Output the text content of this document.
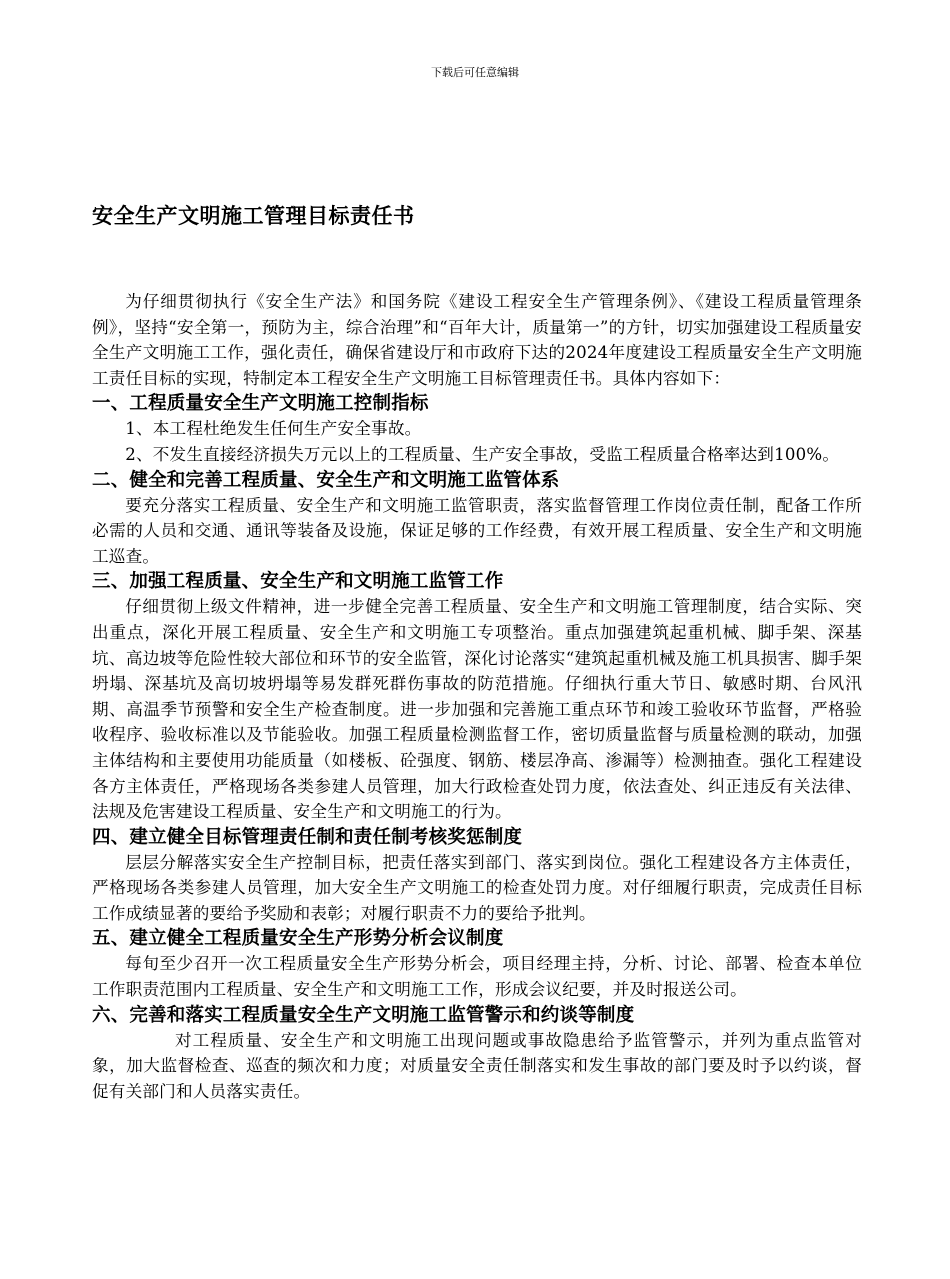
下载后可任意编辑
安全生产文明施工管理目标责任书

为仔细贯彻执行《安全生产法》和国务院《建设工程安全生产管理条例》、《建设工程质量管理条例》，坚持“安全第一，预防为主，综合治理”和“百年大计，质量第一”的方针，切实加强建设工程质量安全生产文明施工工作，强化责任，确保省建设厅和市政府下达的2024年度建设工程质量安全生产文明施工责任目标的实现，特制定本工程安全生产文明施工目标管理责任书。具体内容如下：

一、工程质量安全生产文明施工控制指标

1、本工程杜绝发生任何生产安全事故。

2、不发生直接经济损失万元以上的工程质量、生产安全事故，受监工程质量合格率达到100%。

二、健全和完善工程质量、安全生产和文明施工监管体系

要充分落实工程质量、安全生产和文明施工监管职责，落实监督管理工作岗位责任制，配备工作所必需的人员和交通、通讯等装备及设施，保证足够的工作经费，有效开展工程质量、安全生产和文明施工巡查。

三、加强工程质量、安全生产和文明施工监管工作

仔细贯彻上级文件精神，进一步健全完善工程质量、安全生产和文明施工管理制度，结合实际、突出重点，深化开展工程质量、安全生产和文明施工专项整治。重点加强建筑起重机械、脚手架、深基坑、高边坡等危险性较大部位和环节的安全监管，深化讨论落实“建筑起重机械及施工机具损害、脚手架坍塌、深基坑及高切坡坍塌等易发群死群伤事故的防范措施。仔细执行重大节日、敏感时期、台风汛期、高温季节预警和安全生产检查制度。进一步加强和完善施工重点环节和竣工验收环节监督，严格验收程序、验收标准以及节能验收。加强工程质量检测监督工作，密切质量监督与质量检测的联动，加强主体结构和主要使用功能质量（如楼板、砼强度、钢筋、楼层净高、渗漏等）检测抽查。强化工程建设各方主体责任，严格现场各类参建人员管理，加大行政检查处罚力度，依法查处、纠正违反有关法律、法规及危害建设工程质量、安全生产和文明施工的行为。

四、建立健全目标管理责任制和责任制考核奖惩制度

层层分解落实安全生产控制目标，把责任落实到部门、落实到岗位。强化工程建设各方主体责任，严格现场各类参建人员管理，加大安全生产文明施工的检查处罚力度。对仔细履行职责，完成责任目标工作成绩显著的要给予奖励和表彰；对履行职责不力的要给予批判。

五、建立健全工程质量安全生产形势分析会议制度

每旬至少召开一次工程质量安全生产形势分析会，项目经理主持，分析、讨论、部署、检查本单位工作职责范围内工程质量、安全生产和文明施工工作，形成会议纪要，并及时报送公司。

六、完善和落实工程质量安全生产文明施工监管警示和约谈等制度

对工程质量、安全生产和文明施工出现问题或事故隐患给予监管警示，并列为重点监管对象，加大监督检查、巡查的频次和力度；对质量安全责任制落实和发生事故的部门要及时予以约谈，督促有关部门和人员落实责任。
